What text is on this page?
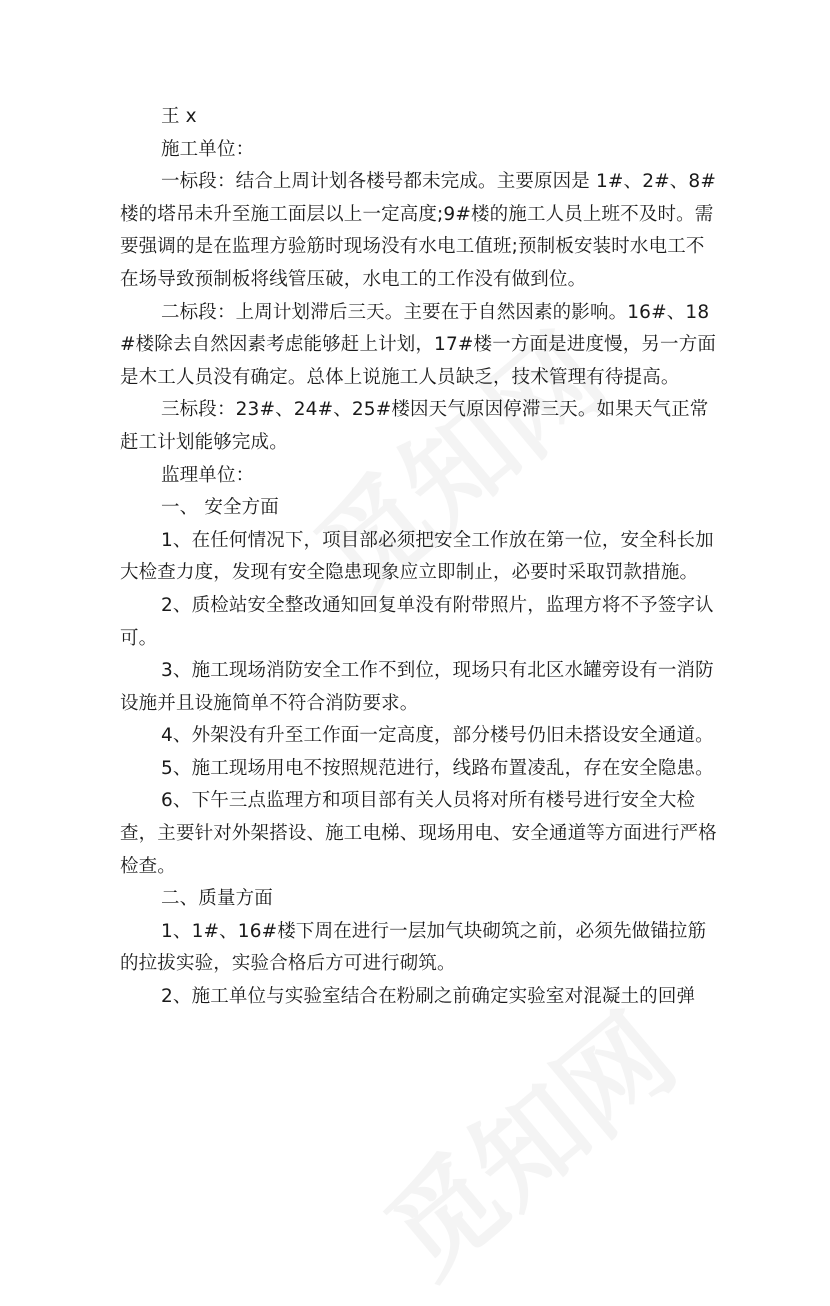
王 x

施工单位：

一标段：结合上周计划各楼号都未完成。主要原因是 1#、2#、8#楼的塔吊未升至施工面层以上一定高度;9#楼的施工人员上班不及时。需要强调的是在监理方验筋时现场没有水电工值班;预制板安装时水电工不在场导致预制板将线管压破，水电工的工作没有做到位。

二标段：上周计划滞后三天。主要在于自然因素的影响。16#、18#楼除去自然因素考虑能够赶上计划，17#楼一方面是进度慢，另一方面是木工人员没有确定。总体上说施工人员缺乏，技术管理有待提高。

三标段：23#、24#、25#楼因天气原因停滞三天。如果天气正常赶工计划能够完成。

监理单位：

一、 安全方面

1、在任何情况下，项目部必须把安全工作放在第一位，安全科长加大检查力度，发现有安全隐患现象应立即制止，必要时采取罚款措施。

2、质检站安全整改通知回复单没有附带照片，监理方将不予签字认可。

3、施工现场消防安全工作不到位，现场只有北区水罐旁设有一消防设施并且设施简单不符合消防要求。

4、外架没有升至工作面一定高度，部分楼号仍旧未搭设安全通道。

5、施工现场用电不按照规范进行，线路布置凌乱，存在安全隐患。

6、下午三点监理方和项目部有关人员将对所有楼号进行安全大检查，主要针对外架搭设、施工电梯、现场用电、安全通道等方面进行严格检查。

二、质量方面

1、1#、16#楼下周在进行一层加气块砌筑之前，必须先做锚拉筋的拉拔实验，实验合格后方可进行砌筑。

2、施工单位与实验室结合在粉刷之前确定实验室对混凝土的回弹
